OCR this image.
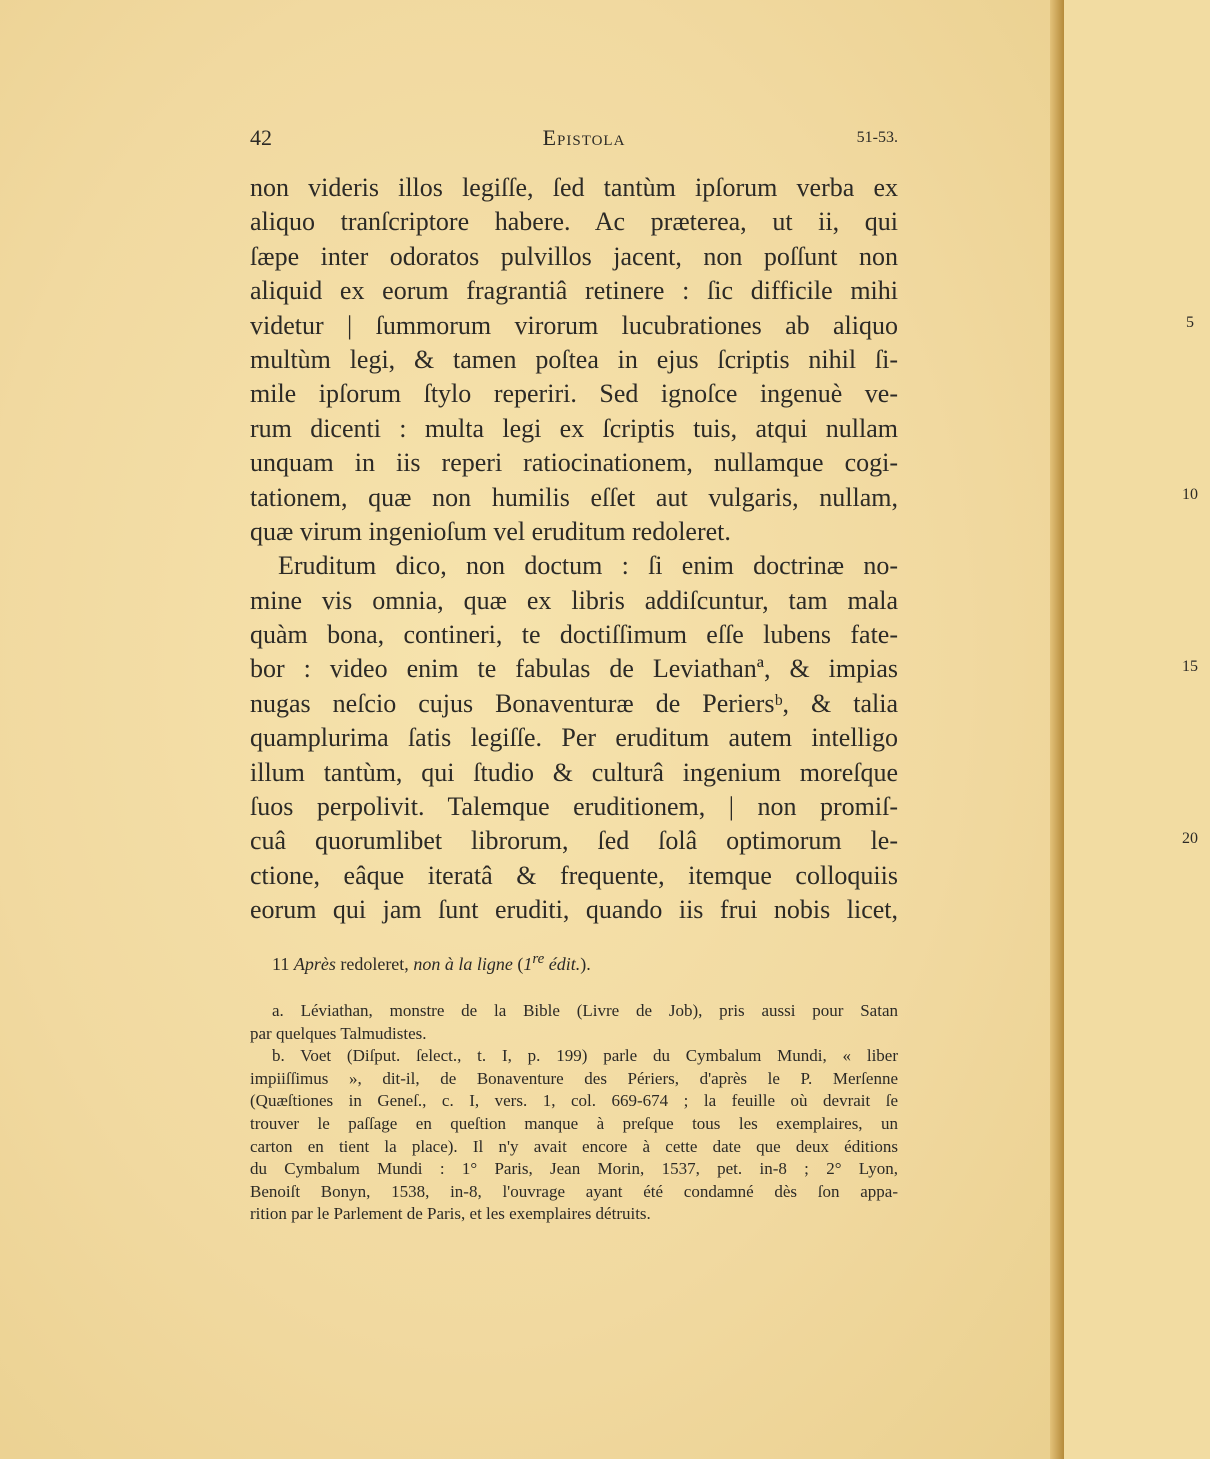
42	Epistola	51-53.
non videris illos legiſſe, ſed tantùm ipſorum verba ex
aliquo tranſcriptore habere. Ac præterea, ut ii, qui
ſæpe inter odoratos pulvillos jacent, non poſſunt non
aliquid ex eorum fragrantiâ retinere : ſic difficile mihi
videtur | ſummorum virorum lucubrationes ab aliquo
multùm legi, & tamen poſtea in ejus ſcriptis nihil ſi-
mile ipſorum ſtylo reperiri. Sed ignoſce ingenuè ve-
rum dicenti : multa legi ex ſcriptis tuis, atqui nullam
unquam in iis reperi ratiocinationem, nullamque cogi-
tationem, quæ non humilis eſſet aut vulgaris, nullam,
quæ virum ingenioſum vel eruditum redoleret.
Eruditum dico, non doctum : ſi enim doctrinæ no-
mine vis omnia, quæ ex libris addiſcuntur, tam mala
quàm bona, contineri, te doctiſſimum eſſe lubens fate-
bor : video enim te fabulas de Leviathanª, & impias
nugas neſcio cujus Bonaventuræ de Periersᵇ, & talia
quamplurima ſatis legiſſe. Per eruditum autem intelligo
illum tantùm, qui ſtudio & culturâ ingenium moreſque
ſuos perpolivit. Talemque eruditionem, | non promiſ-
cuâ quorumlibet librorum, ſed ſolâ optimorum le-
ctione, eâque iteratâ & frequente, itemque colloquiis
eorum qui jam ſunt eruditi, quando iis frui nobis licet,
5
10
15
20
11 Après redoleret, non à la ligne (1re édit.).
a. Léviathan, monstre de la Bible (Livre de Job), pris aussi pour Satan
par quelques Talmudistes.
b. Voet (Diſput. ſelect., t. I, p. 199) parle du Cymbalum Mundi, « liber
impiiſſimus », dit-il, de Bonaventure des Périers, d'après le P. Merſenne
(Quæſtiones in Geneſ., c. I, vers. 1, col. 669-674 ; la feuille où devrait ſe
trouver le paſſage en queſtion manque à preſque tous les exemplaires, un
carton en tient la place). Il n'y avait encore à cette date que deux éditions
du Cymbalum Mundi : 1° Paris, Jean Morin, 1537, pet. in-8 ; 2° Lyon,
Benoiſt Bonyn, 1538, in-8, l'ouvrage ayant été condamné dès ſon appa-
rition par le Parlement de Paris, et les exemplaires détruits.
